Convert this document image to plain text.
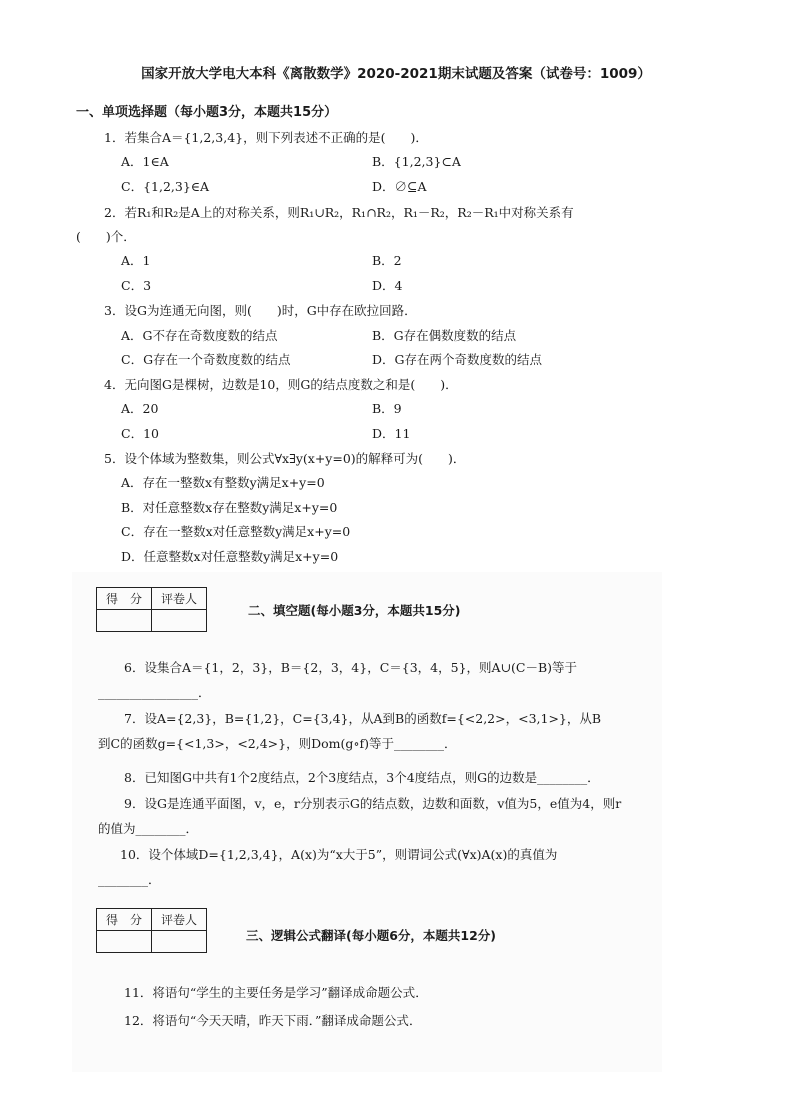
国家开放大学电大本科《离散数学》2020-2021期末试题及答案（试卷号：1009）
一、单项选择题（每小题3分，本题共15分）
1．若集合A＝{1,2,3,4}，则下列表述不正确的是(　　)．
A．1∈A	B．{1,2,3}⊂A
C．{1,2,3}∈A	D．∅⊆A
2．若R₁和R₂是A上的对称关系，则R₁∪R₂，R₁∩R₂，R₁－R₂，R₂－R₁中对称关系有
(　　)个．
A．1	B．2
C．3	D．4
3．设G为连通无向图，则(　　)时，G中存在欧拉回路．
A．G不存在奇数度数的结点	B．G存在偶数度数的结点
C．G存在一个奇数度数的结点	D．G存在两个奇数度数的结点
4．无向图G是棵树，边数是10，则G的结点度数之和是(　　)．
A．20	B．9
C．10	D．11
5．设个体域为整数集，则公式∀x∃y(x+y=0)的解释可为(　　)．
A．存在一整数x有整数y满足x+y=0
B．对任意整数x存在整数y满足x+y=0
C．存在一整数x对任意整数y满足x+y=0
D．任意整数x对任意整数y满足x+y=0
得　分	评卷人

二、填空题(每小题3分，本题共15分)
6．设集合A＝{1，2，3}，B＝{2，3，4}，C＝{3，4，5}，则A∪(C－B)等于
________________．
7．设A={2,3}，B={1,2}，C={3,4}，从A到B的函数f={<2,2>，<3,1>}，从B
到C的函数g={<1,3>，<2,4>}，则Dom(g∘f)等于________．
8．已知图G中共有1个2度结点，2个3度结点，3个4度结点，则G的边数是________．
9．设G是连通平面图，v，e，r分别表示G的结点数，边数和面数，v值为5，e值为4，则r
的值为________．
10．设个体域D={1,2,3,4}，A(x)为“x大于5”，则谓词公式(∀x)A(x)的真值为
________．
得　分	评卷人

三、逻辑公式翻译(每小题6分，本题共12分)
11．将语句“学生的主要任务是学习”翻译成命题公式．
12．将语句“今天天晴，昨天下雨．”翻译成命题公式．
